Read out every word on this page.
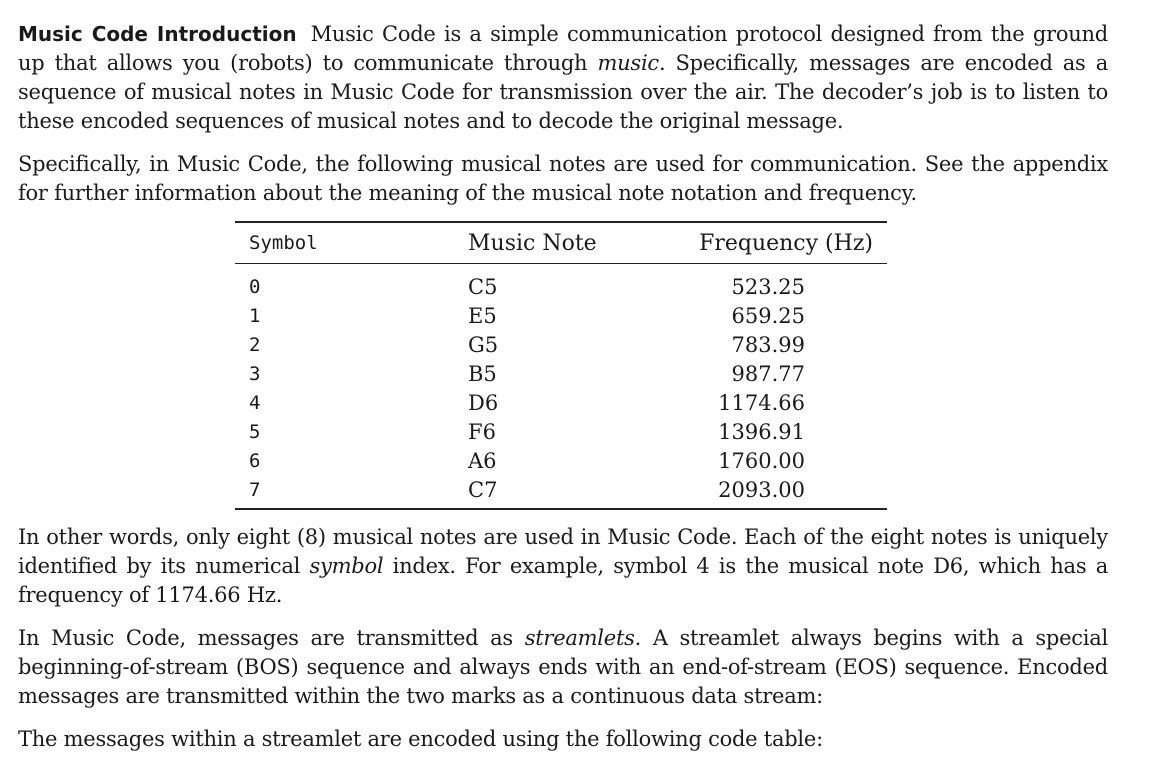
Music Code Introduction Music Code is a simple communication protocol designed from the ground up that allows you (robots) to communicate through music. Specifically, messages are encoded as a sequence of musical notes in Music Code for transmission over the air. The decoder’s job is to listen to these encoded sequences of musical notes and to decode the original message.

Specifically, in Music Code, the following musical notes are used for communication. See the appendix for further information about the meaning of the musical note notation and frequency.

Symbol	Music Note	Frequency (Hz)
0	C5	523.25
1	E5	659.25
2	G5	783.99
3	B5	987.77
4	D6	1174.66
5	F6	1396.91
6	A6	1760.00
7	C7	2093.00

In other words, only eight (8) musical notes are used in Music Code. Each of the eight notes is uniquely identified by its numerical symbol index. For example, symbol 4 is the musical note D6, which has a frequency of 1174.66 Hz.

In Music Code, messages are transmitted as streamlets. A streamlet always begins with a special beginning-of-stream (BOS) sequence and always ends with an end-of-stream (EOS) sequence. Encoded messages are transmitted within the two marks as a continuous data stream:

The messages within a streamlet are encoded using the following code table:
